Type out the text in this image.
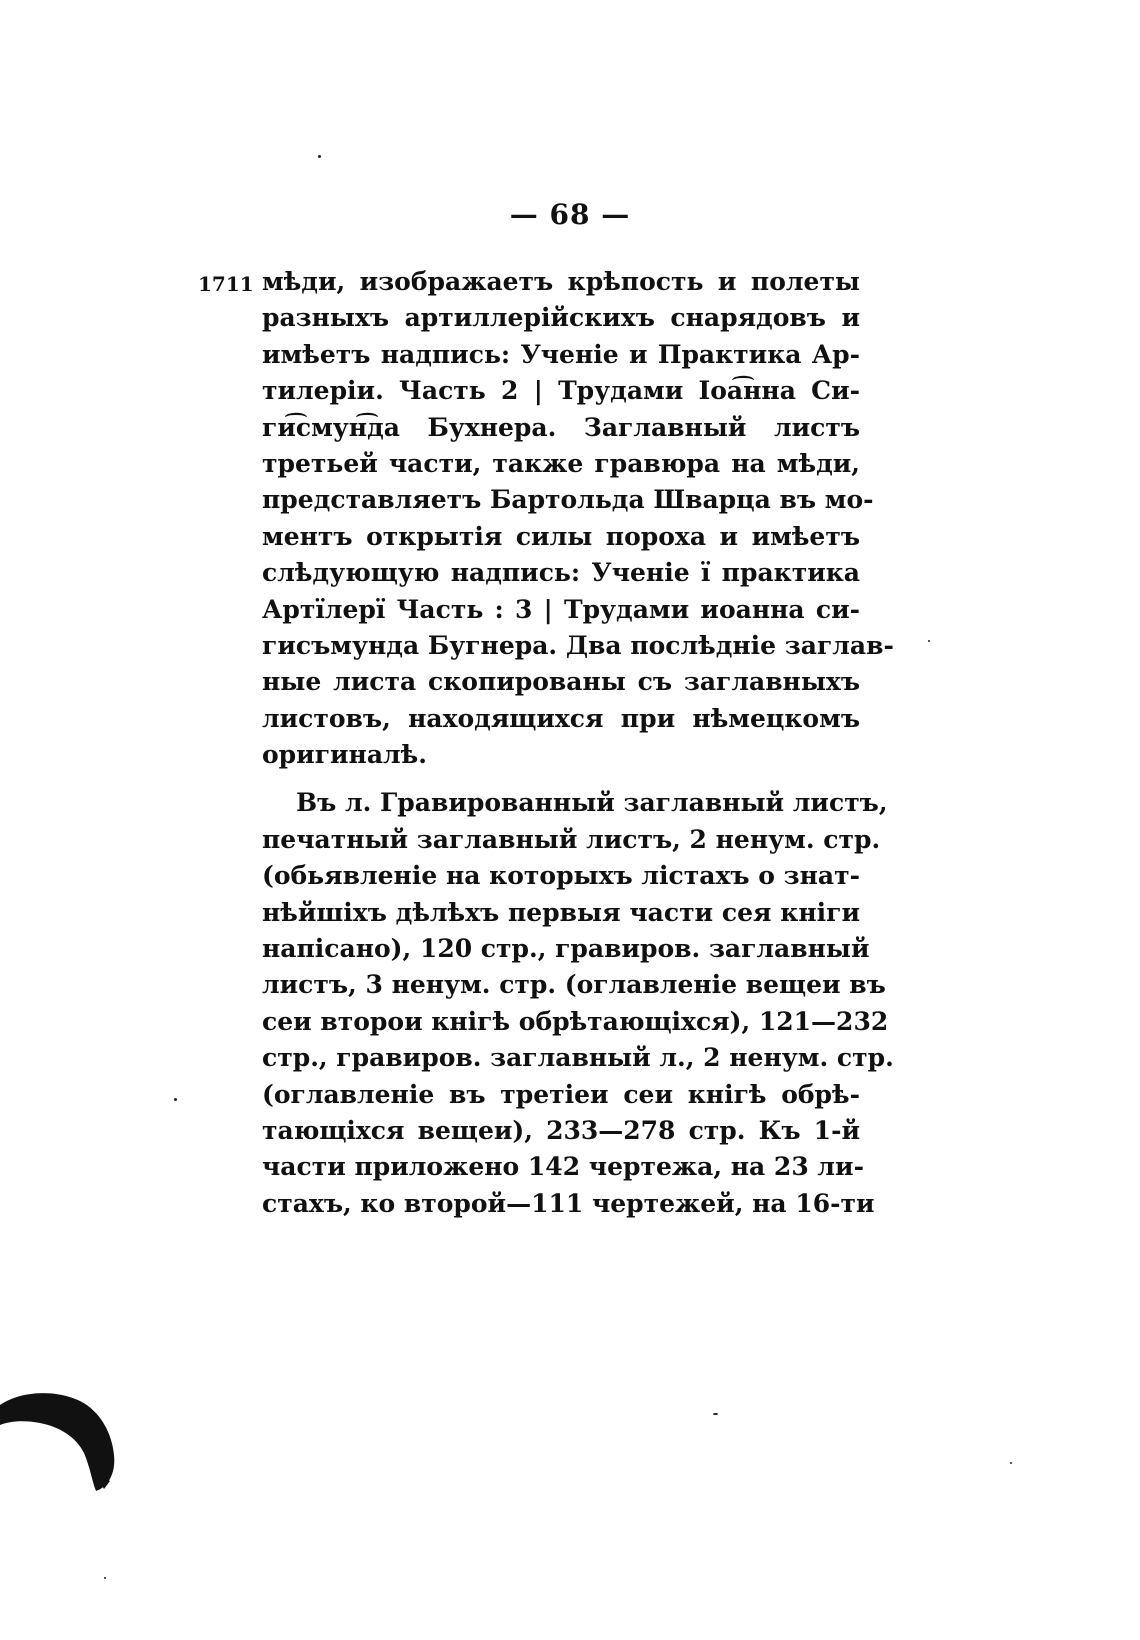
— 68 —
1711 мѣди, изображаетъ крѣпость и полеты
разныхъ артиллерійскихъ снарядовъ и
имѣетъ надпись: Ученіе и Практика Ар-
тилеріи. Часть 2 | Трудами Іоа͡нна Си-
ги͡смун͡да Бухнера. Заглавный листъ
третьей части, также гравюра на мѣди,
представляетъ Бартольда Шварца въ мо-
ментъ открытія силы пороха и имѣетъ
слѣдующую надпись: Ученіе ї практика
Артїлерї Часть : 3 | Трудами иоанна си-
гисъмунда Бугнера. Два послѣдніе заглав-
ные листа скопированы съ заглавныхъ
листовъ, находящихся при нѣмецкомъ
оригиналѣ.
Въ л. Гравированный заглавный листъ,
печатный заглавный листъ, 2 ненум. стр.
(обьявленіе на которыхъ лістахъ о знат-
нѣйшіхъ дѣлѣхъ первыя части сея кніги
напісано), 120 стр., гравиров. заглавный
листъ, 3 ненум. стр. (оглавленіе вещеи въ
сеи второи кнігѣ обрѣтающіхся), 121—232
стр., гравиров. заглавный л., 2 ненум. стр.
(оглавленіе въ третіеи сеи кнігѣ обрѣ-
тающіхся вещеи), 233—278 стр. Къ 1-й
части приложено 142 чертежа, на 23 ли-
стахъ, ко второй—111 чертежей, на 16-ти
